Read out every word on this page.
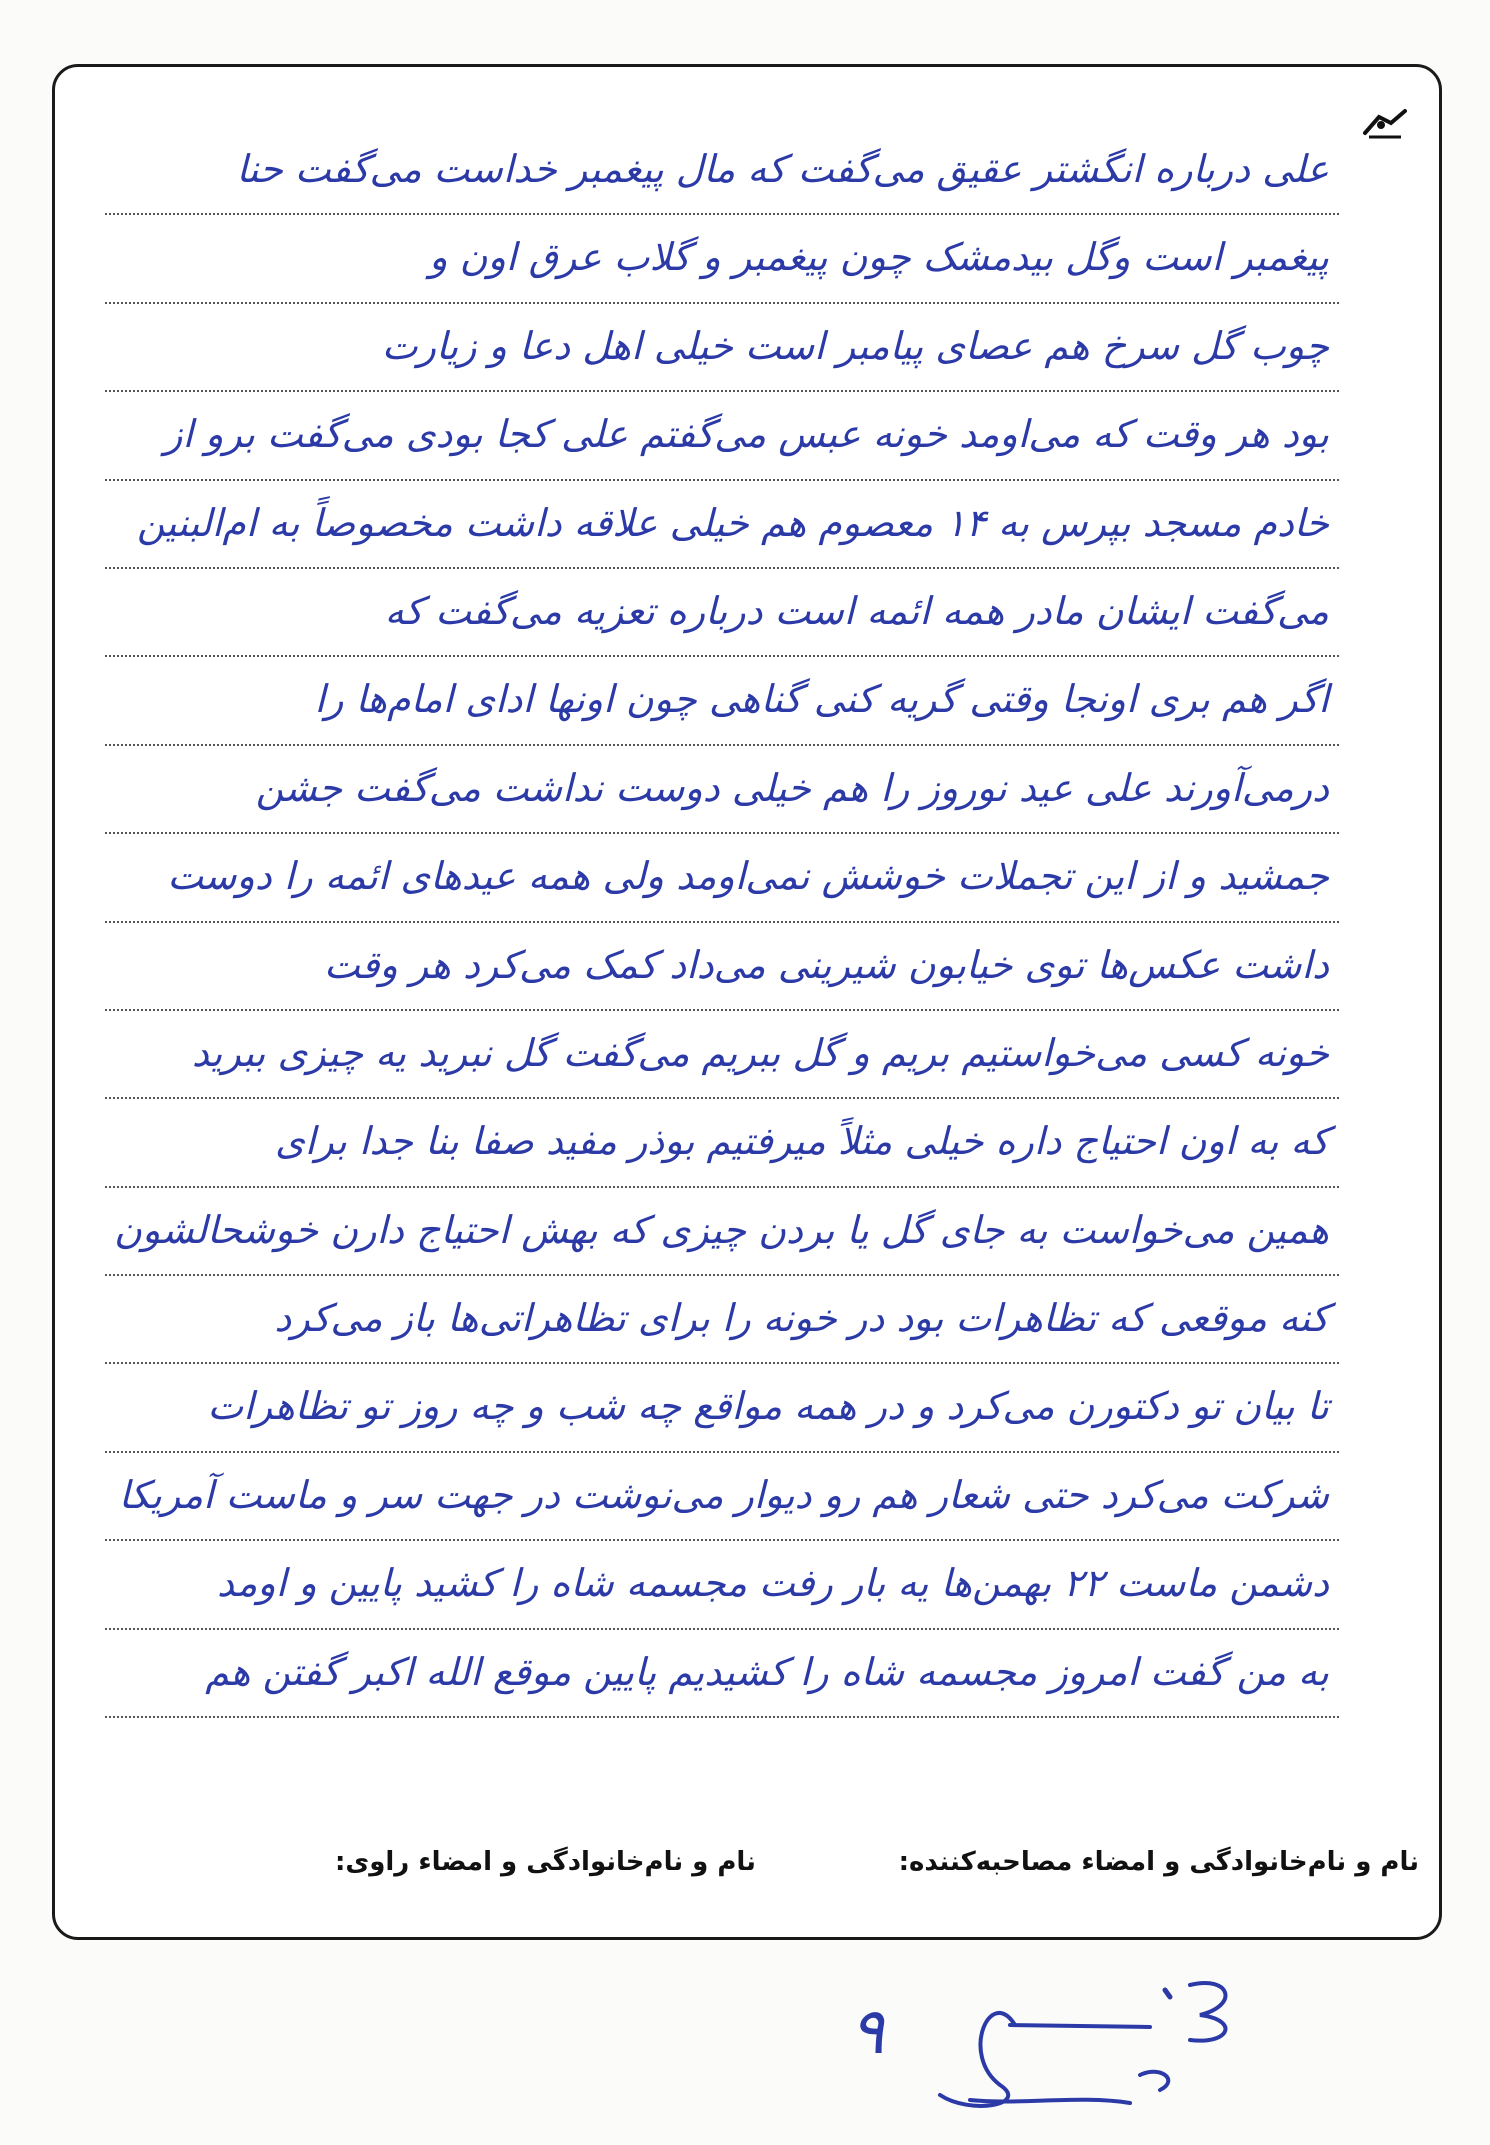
علی درباره انگشتر عقیق می‌گفت که مال پیغمبر خداست می‌گفت حنا
پیغمبر است وگل بیدمشک چون پیغمبر و گلاب عرق اون و
چوب گل سرخ هم عصای پیامبر است خیلی اهل دعا و زیارت
بود هر وقت که می‌اومد خونه عبس می‌گفتم علی کجا بودی می‌گفت برو از
خادم مسجد بپرس به ۱۴ معصوم هم خیلی علاقه داشت مخصوصاً به ام‌البنین
می‌گفت ایشان مادر همه ائمه است درباره تعزیه می‌گفت که
اگر هم بری اونجا وقتی گریه کنی گناهی چون اونها ادای امام‌ها را
درمی‌آورند علی عید نوروز را هم خیلی دوست نداشت می‌گفت جشن
جمشید و از این تجملات خوشش نمی‌اومد ولی همه عیدهای ائمه را دوست
داشت عکس‌ها توی خیابون شیرینی می‌داد کمک می‌کرد هر وقت
خونه کسی می‌خواستیم بریم و گل ببریم می‌گفت گل نبرید یه چیزی ببرید
که به اون احتیاج داره خیلی مثلاً میرفتیم بوذر مفید صفا بنا جدا برای
همین می‌خواست به جای گل یا بردن چیزی که بهش احتیاج دارن خوشحالشون
کنه موقعی که تظاهرات بود در خونه را برای تظاهراتی‌ها باز می‌کرد
تا بیان تو دکتورن می‌کرد و در همه مواقع چه شب و چه روز تو تظاهرات
شرکت می‌کرد حتی شعار هم رو دیوار می‌نوشت در جهت سر و ماست آمریکا
دشمن ماست ۲۲ بهمن‌ها یه بار رفت مجسمه شاه را کشید پایین و اومد
به من گفت امروز مجسمه شاه را کشیدیم پایین موقع الله اکبر گفتن هم
نام و نام‌خانوادگی و امضاء مصاحبه‌کننده:
نام و نام‌خانوادگی و امضاء راوی:
۹
